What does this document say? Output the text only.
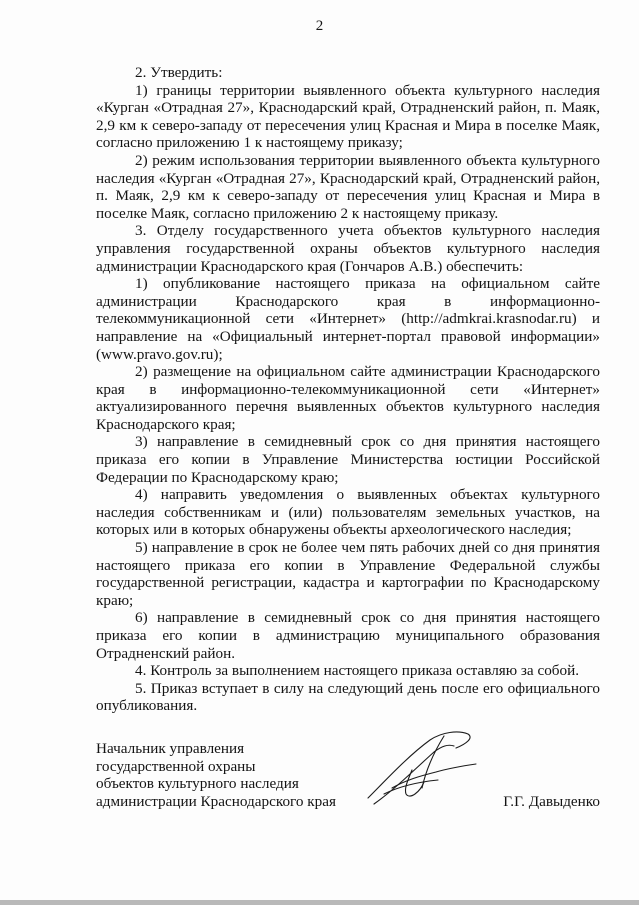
2

2. Утвердить:

1) границы территории выявленного объекта культурного наследия «Курган «Отрадная 27», Краснодарский край, Отрадненский район, п. Маяк, 2,9 км к северо-западу от пересечения улиц Красная и Мира в поселке Маяк, согласно приложению 1 к настоящему приказу;

2) режим использования территории выявленного объекта культурного наследия «Курган «Отрадная 27», Краснодарский край, Отрадненский район, п. Маяк, 2,9 км к северо-западу от пересечения улиц Красная и Мира в поселке Маяк, согласно приложению 2 к настоящему приказу.

3. Отделу государственного учета объектов культурного наследия управления государственной охраны объектов культурного наследия администрации Краснодарского края (Гончаров А.В.) обеспечить:

1) опубликование настоящего приказа на официальном сайте администрации Краснодарского края в информационно-телекоммуникационной сети «Интернет» (http://admkrai.krasnodar.ru) и направление на «Официальный интернет-портал правовой информации» (www.pravo.gov.ru);

2) размещение на официальном сайте администрации Краснодарского края в информационно-телекоммуникационной сети «Интернет» актуализированного перечня выявленных объектов культурного наследия Краснодарского края;

3) направление в семидневный срок со дня принятия настоящего приказа его копии в Управление Министерства юстиции Российской Федерации по Краснодарскому краю;

4) направить уведомления о выявленных объектах культурного наследия собственникам и (или) пользователям земельных участков, на которых или в которых обнаружены объекты археологического наследия;

5) направление в срок не более чем пять рабочих дней со дня принятия настоящего приказа его копии в Управление Федеральной службы государственной регистрации, кадастра и картографии по Краснодарскому краю;

6) направление в семидневный срок со дня принятия настоящего приказа его копии в администрацию муниципального образования Отрадненский район.

4. Контроль за выполнением настоящего приказа оставляю за собой.

5. Приказ вступает в силу на следующий день после его официального опубликования.

Начальник управления
государственной охраны
объектов культурного наследия
администрации Краснодарского края	Г.Г. Давыденко
